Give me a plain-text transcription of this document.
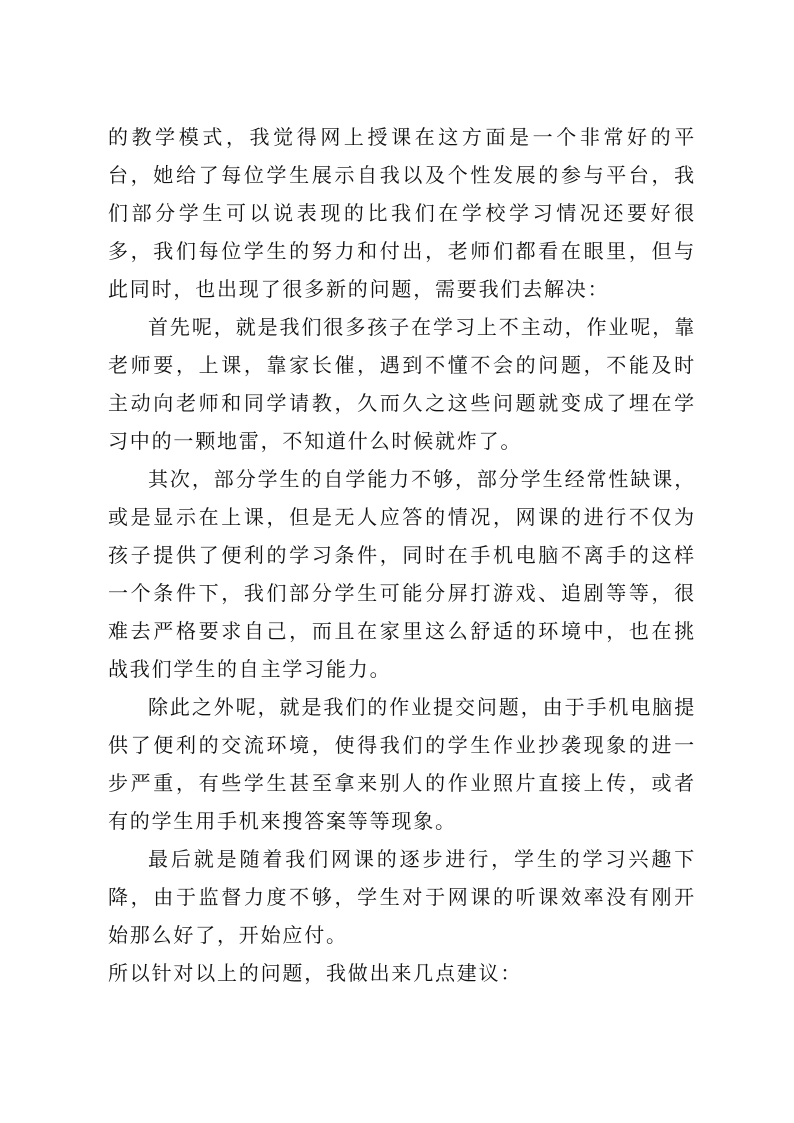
的教学模式，我觉得网上授课在这方面是一个非常好的平台，她给了每位学生展示自我以及个性发展的参与平台，我们部分学生可以说表现的比我们在学校学习情况还要好很多，我们每位学生的努力和付出，老师们都看在眼里，但与此同时，也出现了很多新的问题，需要我们去解决：

首先呢，就是我们很多孩子在学习上不主动，作业呢，靠老师要，上课，靠家长催，遇到不懂不会的问题，不能及时主动向老师和同学请教，久而久之这些问题就变成了埋在学习中的一颗地雷，不知道什么时候就炸了。

其次，部分学生的自学能力不够，部分学生经常性缺课，或是显示在上课，但是无人应答的情况，网课的进行不仅为孩子提供了便利的学习条件，同时在手机电脑不离手的这样一个条件下，我们部分学生可能分屏打游戏、追剧等等，很难去严格要求自己，而且在家里这么舒适的环境中，也在挑战我们学生的自主学习能力。

除此之外呢，就是我们的作业提交问题，由于手机电脑提供了便利的交流环境，使得我们的学生作业抄袭现象的进一步严重，有些学生甚至拿来别人的作业照片直接上传，或者有的学生用手机来搜答案等等现象。

最后就是随着我们网课的逐步进行，学生的学习兴趣下降，由于监督力度不够，学生对于网课的听课效率没有刚开始那么好了，开始应付。

所以针对以上的问题，我做出来几点建议：
